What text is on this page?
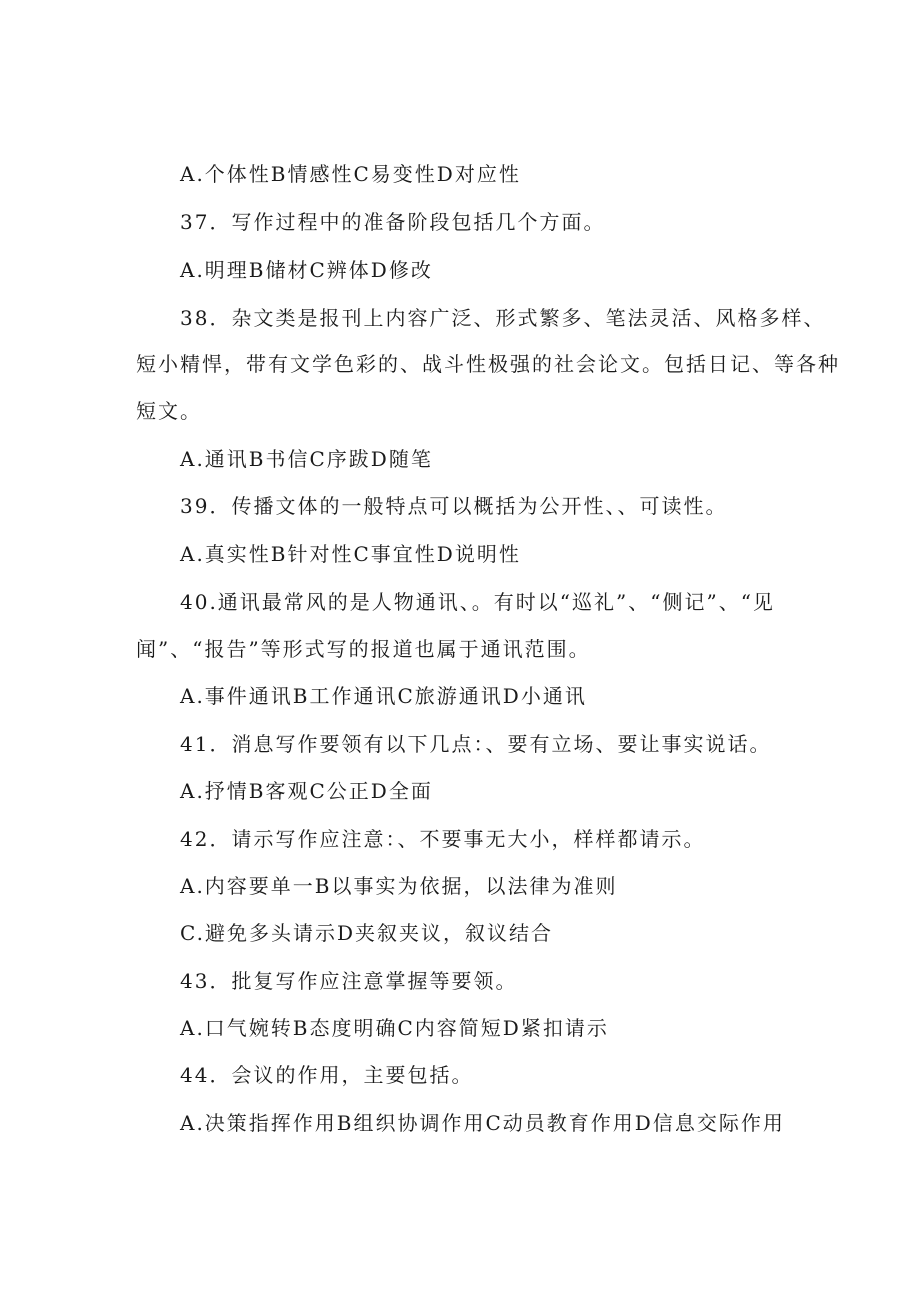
A.个体性B情感性C易变性D对应性
37．写作过程中的准备阶段包括几个方面。
A.明理B储材C辨体D修改
38．杂文类是报刊上内容广泛、形式繁多、笔法灵活、风格多样、
短小精悍，带有文学色彩的、战斗性极强的社会论文。包括日记、等各种
短文。
A.通讯B书信C序跋D随笔
39．传播文体的一般特点可以概括为公开性、、可读性。
A.真实性B针对性C事宜性D说明性
40.通讯最常风的是人物通讯、。有时以“巡礼”、“侧记”、“见
闻”、“报告”等形式写的报道也属于通讯范围。
A.事件通讯B工作通讯C旅游通讯D小通讯
41．消息写作要领有以下几点：、要有立场、要让事实说话。
A.抒情B客观C公正D全面
42．请示写作应注意：、不要事无大小，样样都请示。
A.内容要单一B以事实为依据，以法律为准则
C.避免多头请示D夹叙夹议，叙议结合
43．批复写作应注意掌握等要领。
A.口气婉转B态度明确C内容简短D紧扣请示
44．会议的作用，主要包括。
A.决策指挥作用B组织协调作用C动员教育作用D信息交际作用
